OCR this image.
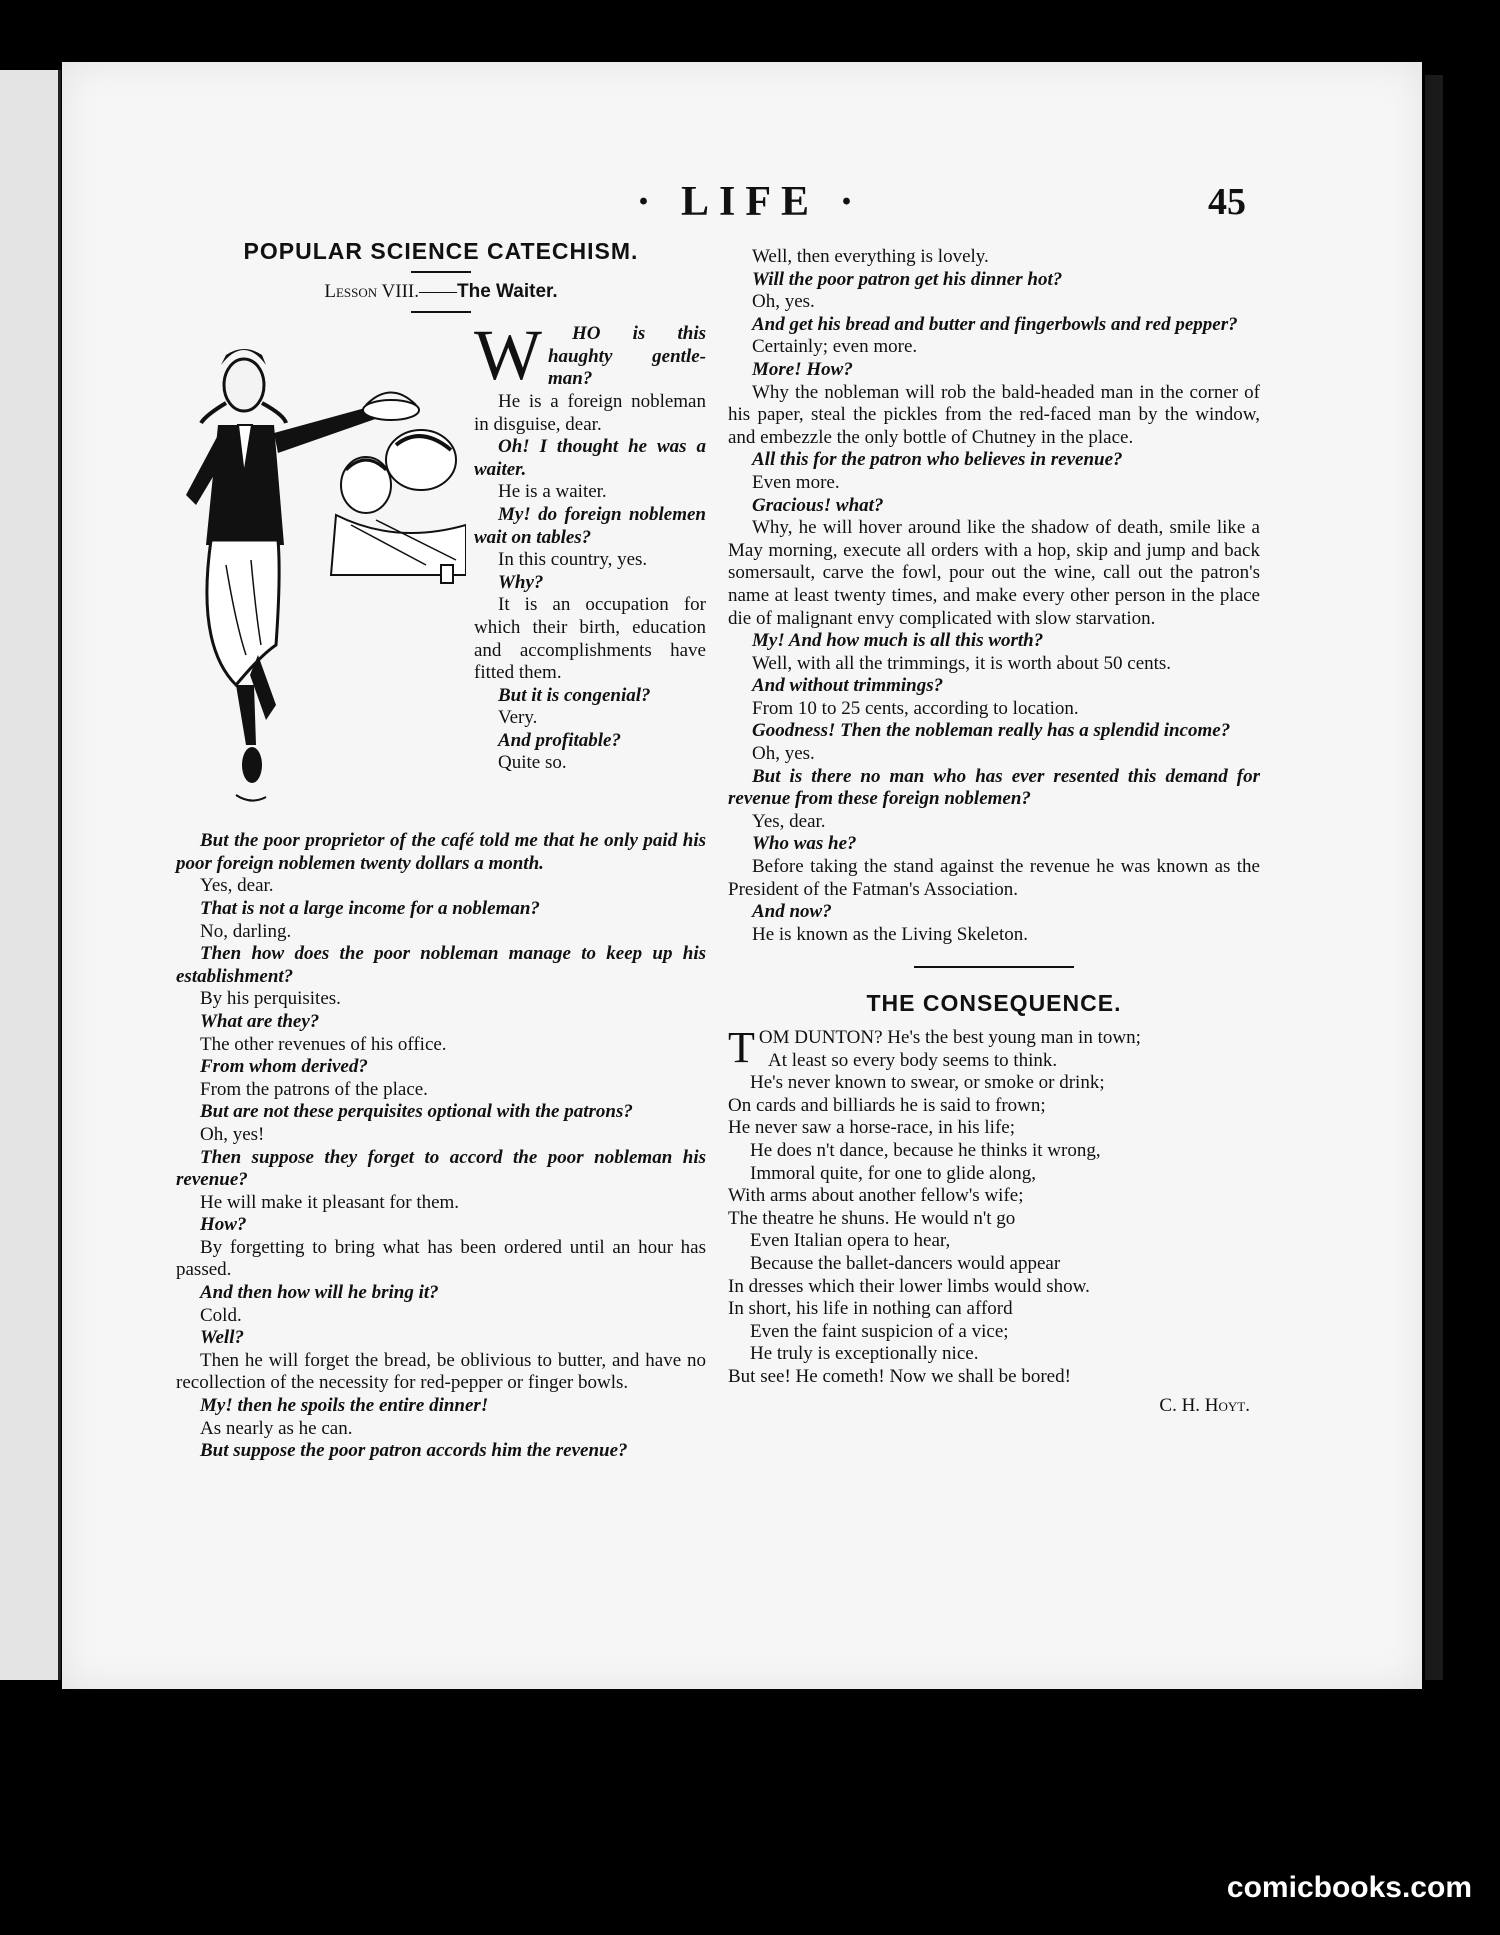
· LIFE ·	45
POPULAR SCIENCE CATECHISM.
Lesson VIII.——The Waiter.
W	HO is this haughty gentle-man?

He is a foreign nobleman in disguise, dear.

Oh! I thought he was a waiter.

He is a waiter.

My! do foreign noblemen wait on tables?

In this country, yes.

Why?

It is an occupation for which their birth, education and accomplishments have fitted them.

But it is congenial?

Very.

And profitable?

Quite so.

But the poor proprietor of the café told me that he only paid his poor foreign noblemen twenty dollars a month.

Yes, dear.

That is not a large income for a nobleman?

No, darling.

Then how does the poor nobleman manage to keep up his establishment?

By his perquisites.

What are they?

The other revenues of his office.

From whom derived?

From the patrons of the place.

But are not these perquisites optional with the patrons?

Oh, yes!

Then suppose they forget to accord the poor nobleman his revenue?

He will make it pleasant for them.

How?

By forgetting to bring what has been ordered until an hour has passed.

And then how will he bring it?

Cold.

Well?

Then he will forget the bread, be oblivious to butter, and have no recollection of the necessity for red-pepper or finger bowls.

My! then he spoils the entire dinner!

As nearly as he can.

But suppose the poor patron accords him the revenue?

Well, then everything is lovely.

Will the poor patron get his dinner hot?

Oh, yes.

And get his bread and butter and fingerbowls and red pepper?

Certainly; even more.

More! How?

Why the nobleman will rob the bald-headed man in the corner of his paper, steal the pickles from the red-faced man by the window, and embezzle the only bottle of Chutney in the place.

All this for the patron who believes in revenue?

Even more.

Gracious! what?

Why, he will hover around like the shadow of death, smile like a May morning, execute all orders with a hop, skip and jump and back somersault, carve the fowl, pour out the wine, call out the patron's name at least twenty times, and make every other person in the place die of malignant envy complicated with slow starvation.

My! And how much is all this worth?

Well, with all the trimmings, it is worth about 50 cents.

And without trimmings?

From 10 to 25 cents, according to location.

Goodness! Then the nobleman really has a splendid income?

Oh, yes.

But is there no man who has ever resented this demand for revenue from these foreign noblemen?

Yes, dear.

Who was he?

Before taking the stand against the revenue he was known as the President of the Fatman's Association.

And now?

He is known as the Living Skeleton.

THE CONSEQUENCE.
T OM DUNTON? He's the best young man in town;

At least so every body seems to think.

He's never known to swear, or smoke or drink;

On cards and billiards he is said to frown;

He never saw a horse-race, in his life;

He does n't dance, because he thinks it wrong,

Immoral quite, for one to glide along,

With arms about another fellow's wife;

The theatre he shuns. He would n't go

Even Italian opera to hear,

Because the ballet-dancers would appear

In dresses which their lower limbs would show.

In short, his life in nothing can afford

Even the faint suspicion of a vice;

He truly is exceptionally nice.

But see! He cometh! Now we shall be bored!

C. H. Hoyt.
comicbooks.com
